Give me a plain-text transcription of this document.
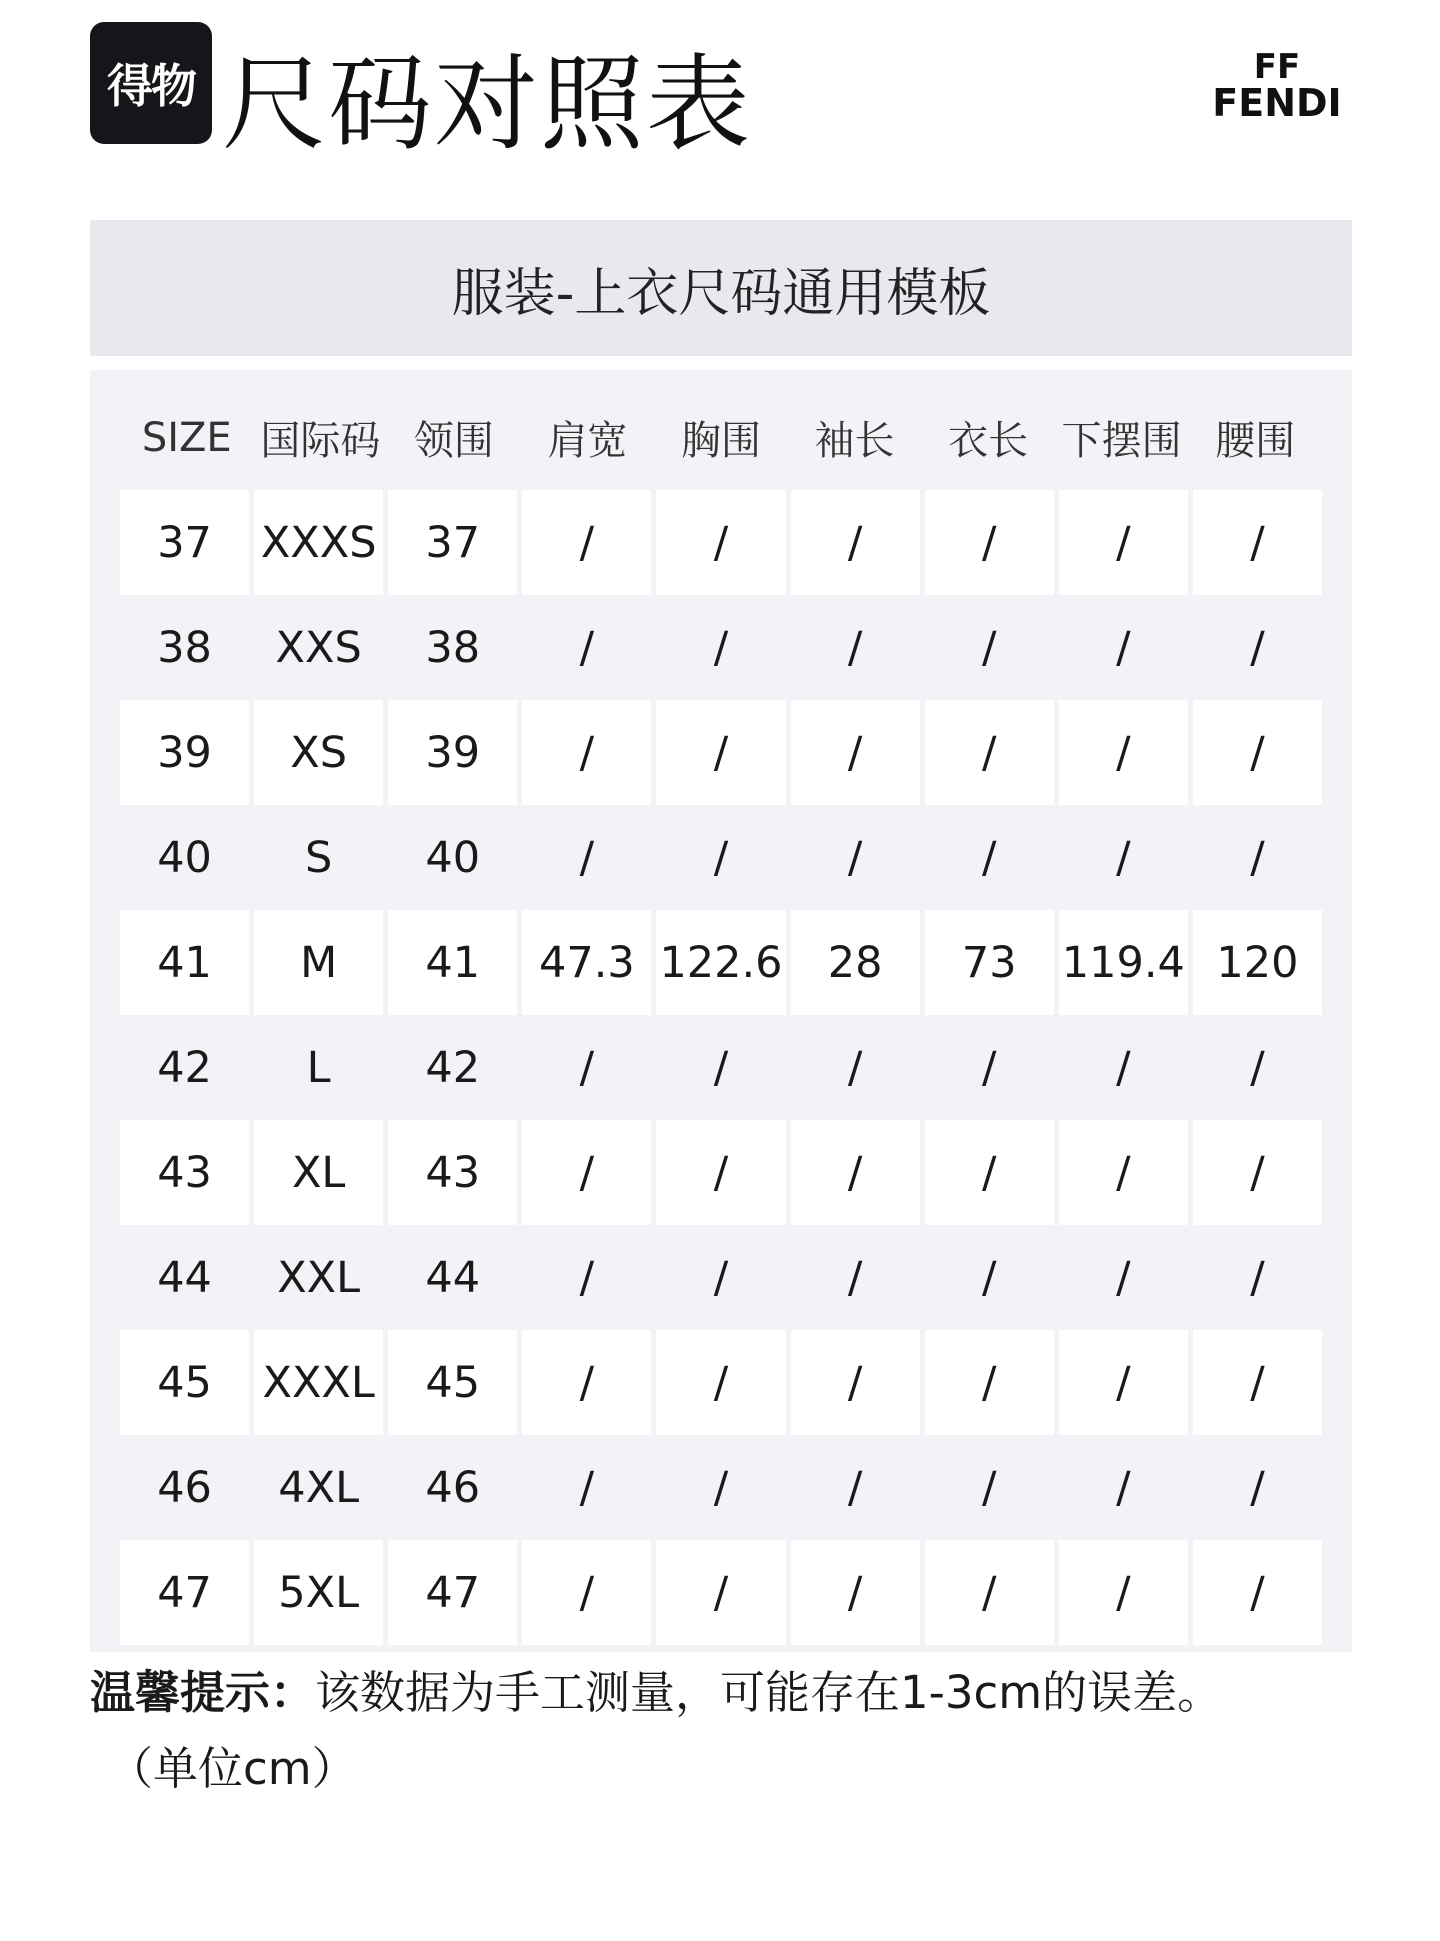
得物 尺码对照表	FF
FENDI
服装-上衣尺码通用模板
SIZE 国际码 领围	肩宽	胸围	袖长	衣长 下摆围 腰围
37	XXXS	37	/	/	/	/	/	/
38	XXS	38	/	/	/	/	/	/
39	XS	39	/	/	/	/	/	/
40	S	40	/	/	/	/	/	/
41	M	41	47.3 122.6	28	73	119.4 120
42	L	42	/	/	/	/	/	/
43	XL	43	/	/	/	/	/	/
44	XXL	44	/	/	/	/	/	/
45	XXXL	45	/	/	/	/	/	/
46	4XL	46	/	/	/	/	/	/
47	5XL	47	/	/	/	/	/	/
温馨提示：该数据为手工测量，可能存在1-3cm的误差。
（单位cm）
